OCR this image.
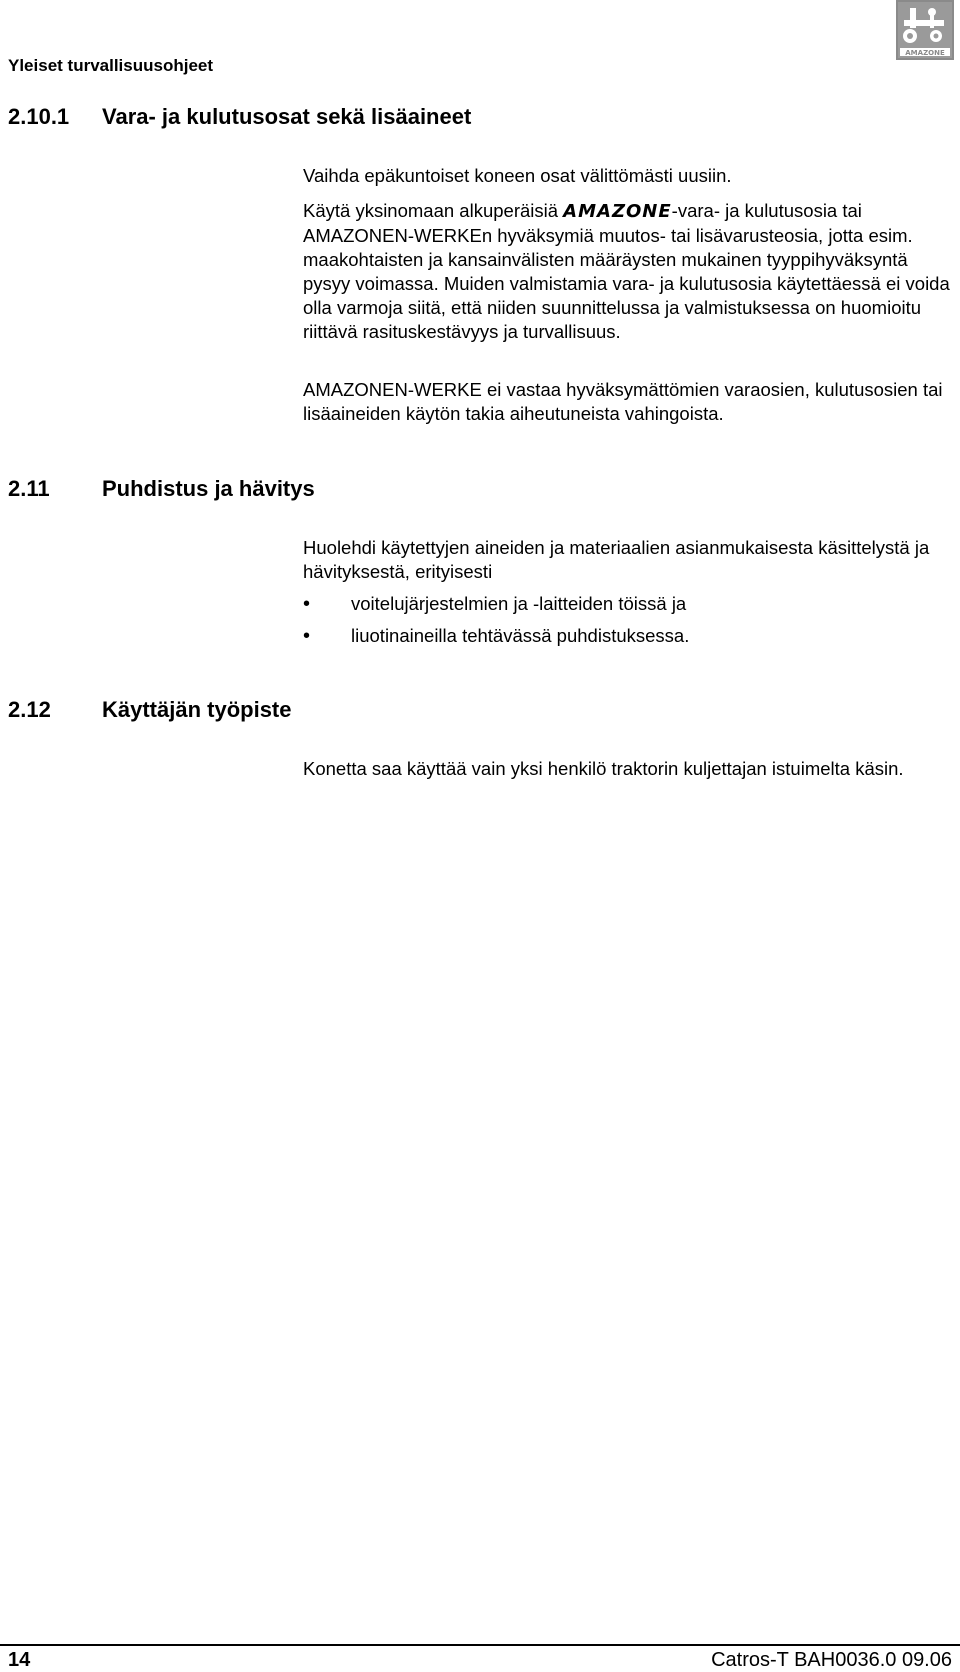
Yleiset turvallisuusohjeet
AMAZONE
2.10.1 Vara- ja kulutusosat sekä lisäaineet

Vaihda epäkuntoiset koneen osat välittömästi uusiin.

Käytä yksinomaan alkuperäisiä AMAZONE-vara- ja kulutusosia tai AMAZONEN-WERKEn hyväksymiä muutos- tai lisävarusteosia, jotta esim. maakohtaisten ja kansainvälisten määräysten mukainen tyyppihyväksyntä pysyy voimassa. Muiden valmistamia vara- ja kulutusosia käytettäessä ei voida olla varmoja siitä, että niiden suunnittelussa ja valmistuksessa on huomioitu riittävä rasituskestävyys ja turvallisuus.

AMAZONEN-WERKE ei vastaa hyväksymättömien varaosien, kulutusosien tai lisäaineiden käytön takia aiheutuneista vahingoista.

2.11 Puhdistus ja hävitys

Huolehdi käytettyjen aineiden ja materiaalien asianmukaisesta käsittelystä ja hävityksestä, erityisesti

• voitelujärjestelmien ja -laitteiden töissä ja
• liuotinaineilla tehtävässä puhdistuksessa.
2.12 Käyttäjän työpiste

Konetta saa käyttää vain yksi henkilö traktorin kuljettajan istuimelta käsin.

14	Catros-T BAH0036.0 09.06
